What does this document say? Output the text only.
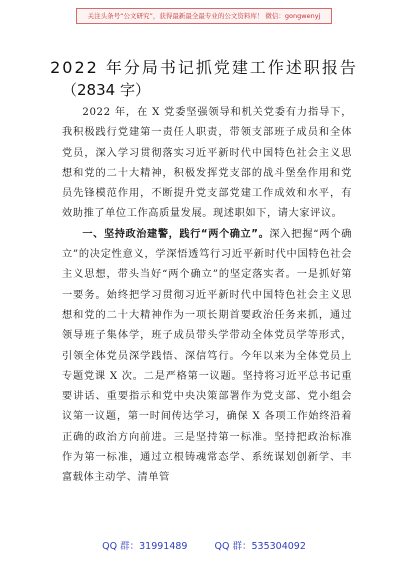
关注头条号“公文研究”，获得最新最全最专业的公文资料库！ 微信：gongwenyj
2022 年分局书记抓党建工作述职报告
（2834 字）

2022 年，在 X 党委坚强领导和机关党委有力指导下，我积极践行党建第一责任人职责，带领支部班子成员和全体党员，深入学习贯彻落实习近平新时代中国特色社会主义思想和党的二十大精神，积极发挥党支部的战斗堡垒作用和党员先锋模范作用，不断提升党支部党建工作成效和水平，有效助推了单位工作高质量发展。现述职如下，请大家评议。

一、坚持政治建警，践行“两个确立”。深入把握“两个确立”的决定性意义，学深悟透笃行习近平新时代中国特色社会主义思想，带头当好“两个确立”的坚定落实者。一是抓好第一要务。始终把学习贯彻习近平新时代中国特色社会主义思想和党的二十大精神作为一项长期首要政治任务来抓，通过领导班子集体学，班子成员带头学带动全体党员学等形式，引领全体党员深学践悟、深信笃行。今年以来为全体党员上专题党课 X 次。二是严格第一议题。坚持将习近平总书记重要讲话、重要指示和党中央决策部署作为党支部、党小组会议第一议题，第一时间传达学习，确保 X 各项工作始终沿着正确的政治方向前进。三是坚持第一标准。坚持把政治标准作为第一标准，通过立根铸魂常态学、系统谋划创新学、丰富载体主动学、清单管

QQ 群：31991489	QQ 群：535304092
